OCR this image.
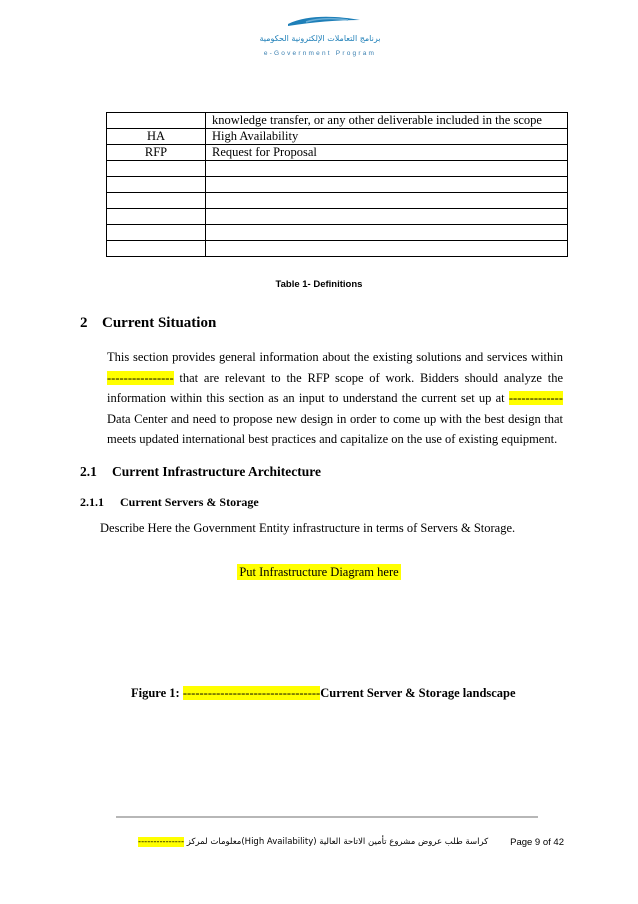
برنامج التعاملات الإلكترونية الحكومية
e-Government Program
	knowledge transfer, or any other deliverable included in the scope
HA	High Availability
RFP	Request for Proposal

Table 1- Definitions
2 Current Situation
This section provides general information about the existing solutions and services within ---------------- that are relevant to the RFP scope of work. Bidders should analyze the information within this section as an input to understand the current set up at ------------- Data Center and need to propose new design in order to come up with the best design that meets updated international best practices and capitalize on the use of existing equipment.
2.1 Current Infrastructure Architecture
2.1.1 Current Servers & Storage
Describe Here the Government Entity infrastructure in terms of Servers & Storage.
Put Infrastructure Diagram here
Figure 1: ---------------------------------Current Server & Storage landscape
--------------- معلومات لمركز(High Availability) كراسة طلب عروض مشروع تأمين الاتاحة العالية Page 9 of 42
